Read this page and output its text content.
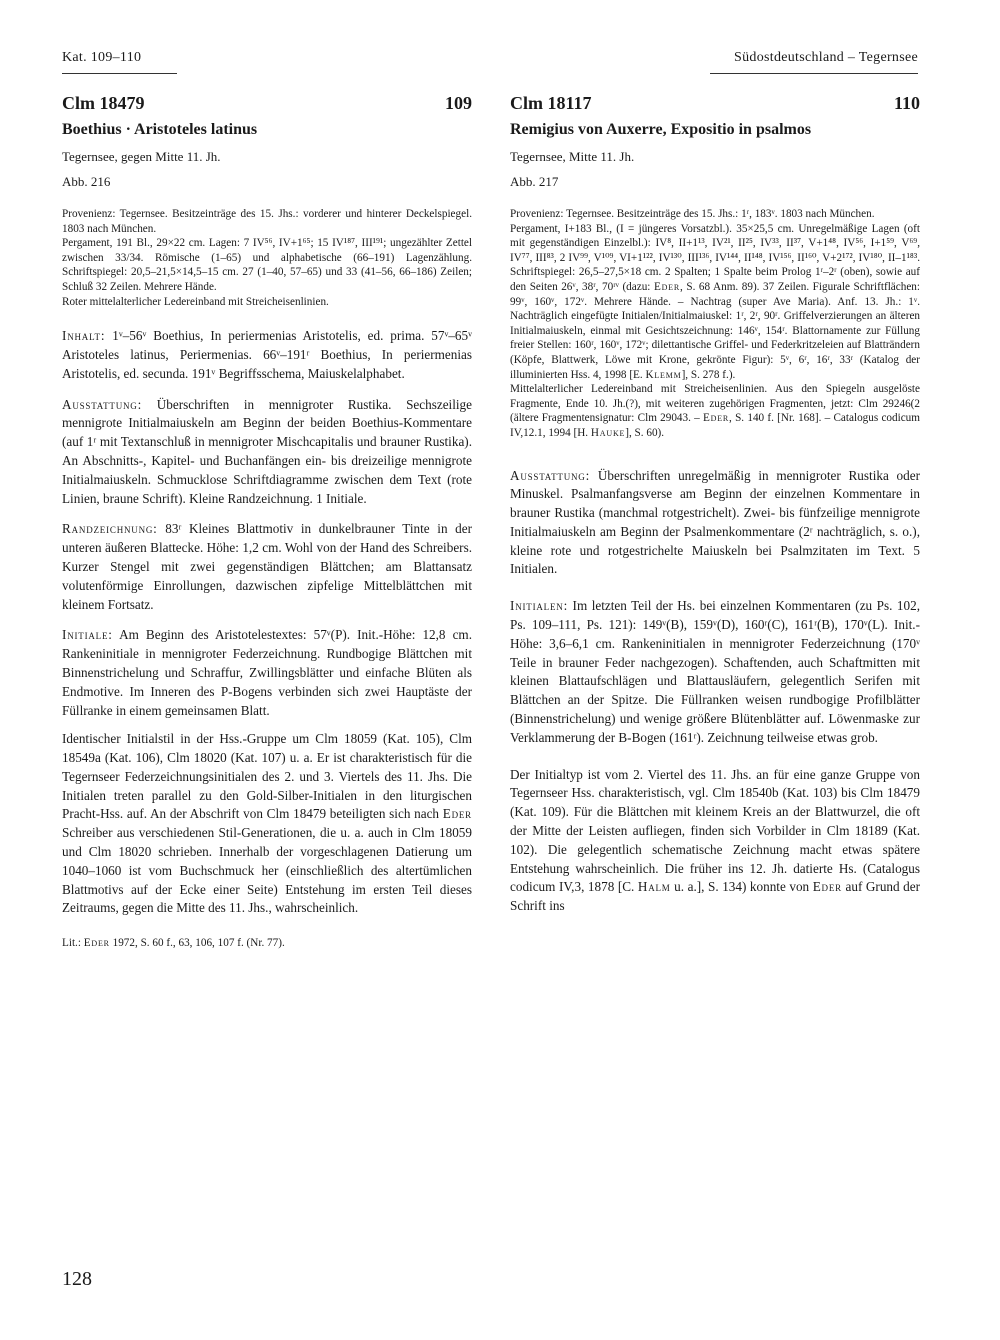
Kat. 109–110	Südostdeutschland – Tegernsee
Clm 18479	109
Boethius · Aristoteles latinus
Tegernsee, gegen Mitte 11. Jh.
Abb. 216

Provenienz: Tegernsee. Besitzeinträge des 15. Jhs.: vorderer und hinterer Deckelspiegel. 1803 nach München.

Pergament, 191 Bl., 29×22 cm. Lagen: 7 IV⁵⁶, IV+1⁶⁵; 15 IV¹⁸⁷, III¹⁹¹; ungezählter Zettel zwischen 33/34. Römische (1–65) und alphabetische (66–191) Lagenzählung. Schriftspiegel: 20,5–21,5×14,5–15 cm. 27 (1–40, 57–65) und 33 (41–56, 66–186) Zeilen; Schluß 32 Zeilen. Mehrere Hände.

Roter mittelalterlicher Ledereinband mit Streicheisenlinien.

Inhalt: 1ᵛ–56ᵛ Boethius, In periermenias Aristotelis, ed. prima. 57ᵛ–65ᵛ Aristoteles latinus, Periermenias. 66ᵛ–191ʳ Boethius, In periermenias Aristotelis, ed. secunda. 191ᵛ Begriffsschema, Maiuskelalphabet.

Ausstattung: Überschriften in mennigroter Rustika. Sechszeilige mennigrote Initialmaiuskeln am Beginn der beiden Boethius-Kommentare (auf 1ʳ mit Textanschluß in mennigroter Mischcapitalis und brauner Rustika). An Abschnitts-, Kapitel- und Buchanfängen ein- bis dreizeilige mennigrote Initialmaiuskeln. Schmucklose Schriftdiagramme zwischen dem Text (rote Linien, braune Schrift). Kleine Randzeichnung. 1 Initiale.

Randzeichnung: 83ʳ Kleines Blattmotiv in dunkelbrauner Tinte in der unteren äußeren Blattecke. Höhe: 1,2 cm. Wohl von der Hand des Schreibers. Kurzer Stengel mit zwei gegenständigen Blättchen; am Blattansatz volutenförmige Einrollungen, dazwischen zipfelige Mittelblättchen mit kleinem Fortsatz.

Initiale: Am Beginn des Aristotelestextes: 57ᵛ(P). Init.-Höhe: 12,8 cm. Rankeninitiale in mennigroter Federzeichnung. Rundbogige Blättchen mit Binnenstrichelung und Schraffur, Zwillingsblätter und einfache Blüten als Endmotive. Im Inneren des P-Bogens verbinden sich zwei Hauptäste der Füllranke in einem gemeinsamen Blatt.

Identischer Initialstil in der Hss.-Gruppe um Clm 18059 (Kat. 105), Clm 18549a (Kat. 106), Clm 18020 (Kat. 107) u. a. Er ist charakteristisch für die Tegernseer Federzeichnungsinitialen des 2. und 3. Viertels des 11. Jhs. Die Initialen treten parallel zu den Gold-Silber-Initialen in den liturgischen Pracht-Hss. auf. An der Abschrift von Clm 18479 beteiligten sich nach Eder Schreiber aus verschiedenen Stil-Generationen, die u. a. auch in Clm 18059 und Clm 18020 schrieben. Innerhalb der vorgeschlagenen Datierung um 1040–1060 ist vom Buchschmuck her (einschließlich des altertümlichen Blattmotivs auf der Ecke einer Seite) Entstehung im ersten Teil dieses Zeitraums, gegen die Mitte des 11. Jhs., wahrscheinlich.

Lit.: Eder 1972, S. 60 f., 63, 106, 107 f. (Nr. 77).

Clm 18117	110
Remigius von Auxerre, Expositio in psalmos
Tegernsee, Mitte 11. Jh.
Abb. 217

Provenienz: Tegernsee. Besitzeinträge des 15. Jhs.: 1ʳ, 183ᵛ. 1803 nach München.

Pergament, I+183 Bl., (I = jüngeres Vorsatzbl.). 35×25,5 cm. Unregelmäßige Lagen (oft mit gegenständigen Einzelbl.): IV⁸, II+1¹³, IV²¹, II²⁵, IV³³, II³⁷, V+1⁴⁸, IV⁵⁶, I+1⁵⁹, V⁶⁹, IV⁷⁷, III⁸³, 2 IV⁹⁹, V¹⁰⁹, VI+1¹²², IV¹³⁰, III¹³⁶, IV¹⁴⁴, II¹⁴⁸, IV¹⁵⁶, II¹⁶⁰, V+2¹⁷², IV¹⁸⁰, II–1¹⁸³. Schriftspiegel: 26,5–27,5×18 cm. 2 Spalten; 1 Spalte beim Prolog 1ʳ–2ʳ (oben), sowie auf den Seiten 26ᵛ, 38ʳ, 70ʳᵛ (dazu: Eder, S. 68 Anm. 89). 37 Zeilen. Figurale Schriftflächen: 99ᵛ, 160ᵛ, 172ᵛ. Mehrere Hände. – Nachtrag (super Ave Maria). Anf. 13. Jh.: 1ᵛ. Nachträglich eingefügte Initialen/Initialmaiuskel: 1ʳ, 2ʳ, 90ʳ. Griffelverzierungen an älteren Initialmaiuskeln, einmal mit Gesichtszeichnung: 146ᵛ, 154ʳ. Blattornamente zur Füllung freier Stellen: 160ʳ, 160ᵛ, 172ᵛ; dilettantische Griffel- und Federkritzeleien auf Blatträndern (Köpfe, Blattwerk, Löwe mit Krone, gekrönte Figur): 5ᵛ, 6ʳ, 16ʳ, 33ʳ (Katalog der illuminierten Hss. 4, 1998 [E. Klemm], S. 278 f.).

Mittelalterlicher Ledereinband mit Streicheisenlinien. Aus den Spiegeln ausgelöste Fragmente, Ende 10. Jh.(?), mit weiteren zugehörigen Fragmenten, jetzt: Clm 29246(2 (ältere Fragmentensignatur: Clm 29043. – Eder, S. 140 f. [Nr. 168]. – Catalogus codicum IV,12.1, 1994 [H. Hauke], S. 60).

Ausstattung: Überschriften unregelmäßig in mennigroter Rustika oder Minuskel. Psalmanfangsverse am Beginn der einzelnen Kommentare in brauner Rustika (manchmal rotgestrichelt). Zwei- bis fünfzeilige mennigrote Initialmaiuskeln am Beginn der Psalmenkommentare (2ʳ nachträglich, s. o.), kleine rote und rotgestrichelte Maiuskeln bei Psalmzitaten im Text. 5 Initialen.

Initialen: Im letzten Teil der Hs. bei einzelnen Kommentaren (zu Ps. 102, Ps. 109–111, Ps. 121): 149ᵛ(B), 159ᵛ(D), 160ʳ(C), 161ʳ(B), 170ᵛ(L). Init.-Höhe: 3,6–6,1 cm. Rankeninitialen in mennigroter Federzeichnung (170ᵛ Teile in brauner Feder nachgezogen). Schaftenden, auch Schaftmitten mit kleinen Blattaufschlägen und Blattausläufern, gelegentlich Serifen mit Blättchen an der Spitze. Die Füllranken weisen rundbogige Profilblätter (Binnenstrichelung) und wenige größere Blütenblätter auf. Löwenmaske zur Verklammerung der B-Bogen (161ʳ). Zeichnung teilweise etwas grob.

Der Initialtyp ist vom 2. Viertel des 11. Jhs. an für eine ganze Gruppe von Tegernseer Hss. charakteristisch, vgl. Clm 18540b (Kat. 103) bis Clm 18479 (Kat. 109). Für die Blättchen mit kleinem Kreis an der Blattwurzel, die oft der Mitte der Leisten aufliegen, finden sich Vorbilder in Clm 18189 (Kat. 102). Die gelegentlich schematische Zeichnung macht etwas spätere Entstehung wahrscheinlich. Die früher ins 12. Jh. datierte Hs. (Catalogus codicum IV,3, 1878 [C. Halm u. a.], S. 134) konnte von Eder auf Grund der Schrift ins

128
